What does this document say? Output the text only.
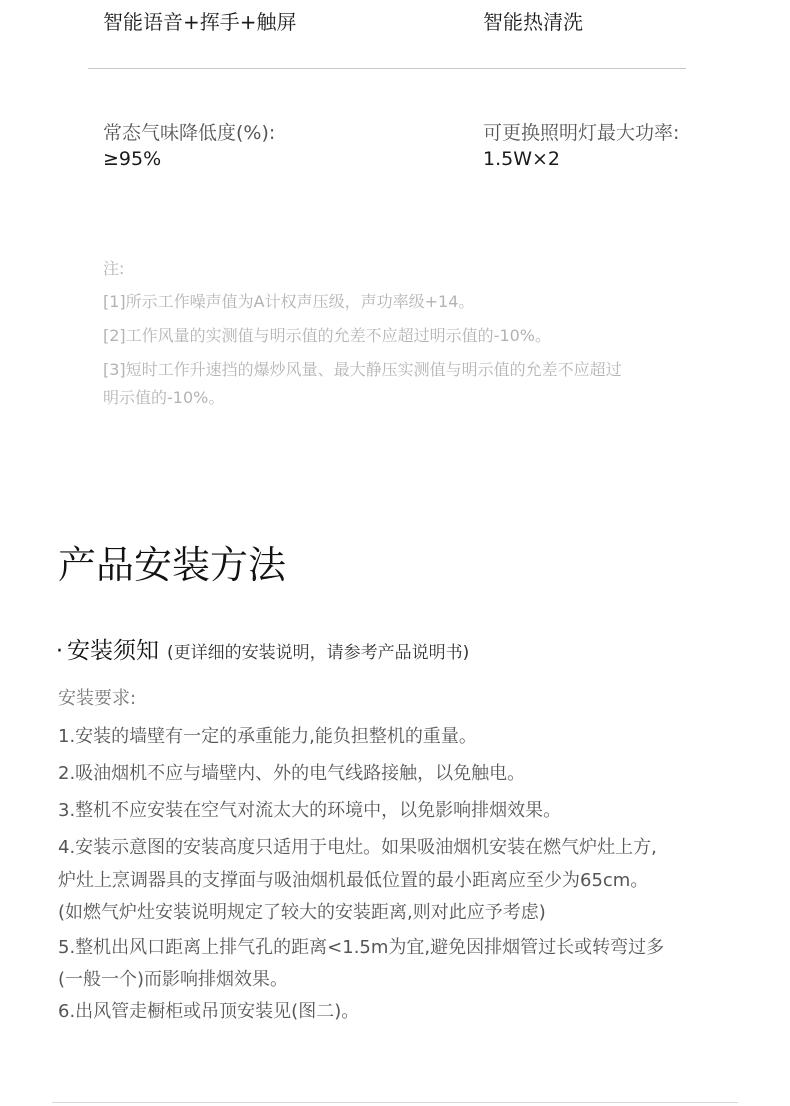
智能语音+挥手+触屏	智能热清洗
常态气味降低度(%):
≥95%
可更换照明灯最大功率:
1.5W×2
注:
[1]所示工作噪声值为A计权声压级，声功率级+14。
[2]工作风量的实测值与明示值的允差不应超过明示值的-10%。
[3]短时工作升速挡的爆炒风量、最大静压实测值与明示值的允差不应超过
明示值的-10%。
产品安装方法
· 安装须知 (更详细的安装说明，请参考产品说明书)
安装要求:
1.安装的墙壁有一定的承重能力,能负担整机的重量。
2.吸油烟机不应与墙壁内、外的电气线路接触，以免触电。
3.整机不应安装在空气对流太大的环境中，以免影响排烟效果。
4.安装示意图的安装高度只适用于电灶。如果吸油烟机安装在燃气炉灶上方,
炉灶上烹调器具的支撑面与吸油烟机最低位置的最小距离应至少为65cm。
(如燃气炉灶安装说明规定了较大的安装距离,则对此应予考虑)
5.整机出风口距离上排气孔的距离<1.5m为宜,避免因排烟管过长或转弯过多
(一般一个)而影响排烟效果。
6.出风管走橱柜或吊顶安装见(图二)。
